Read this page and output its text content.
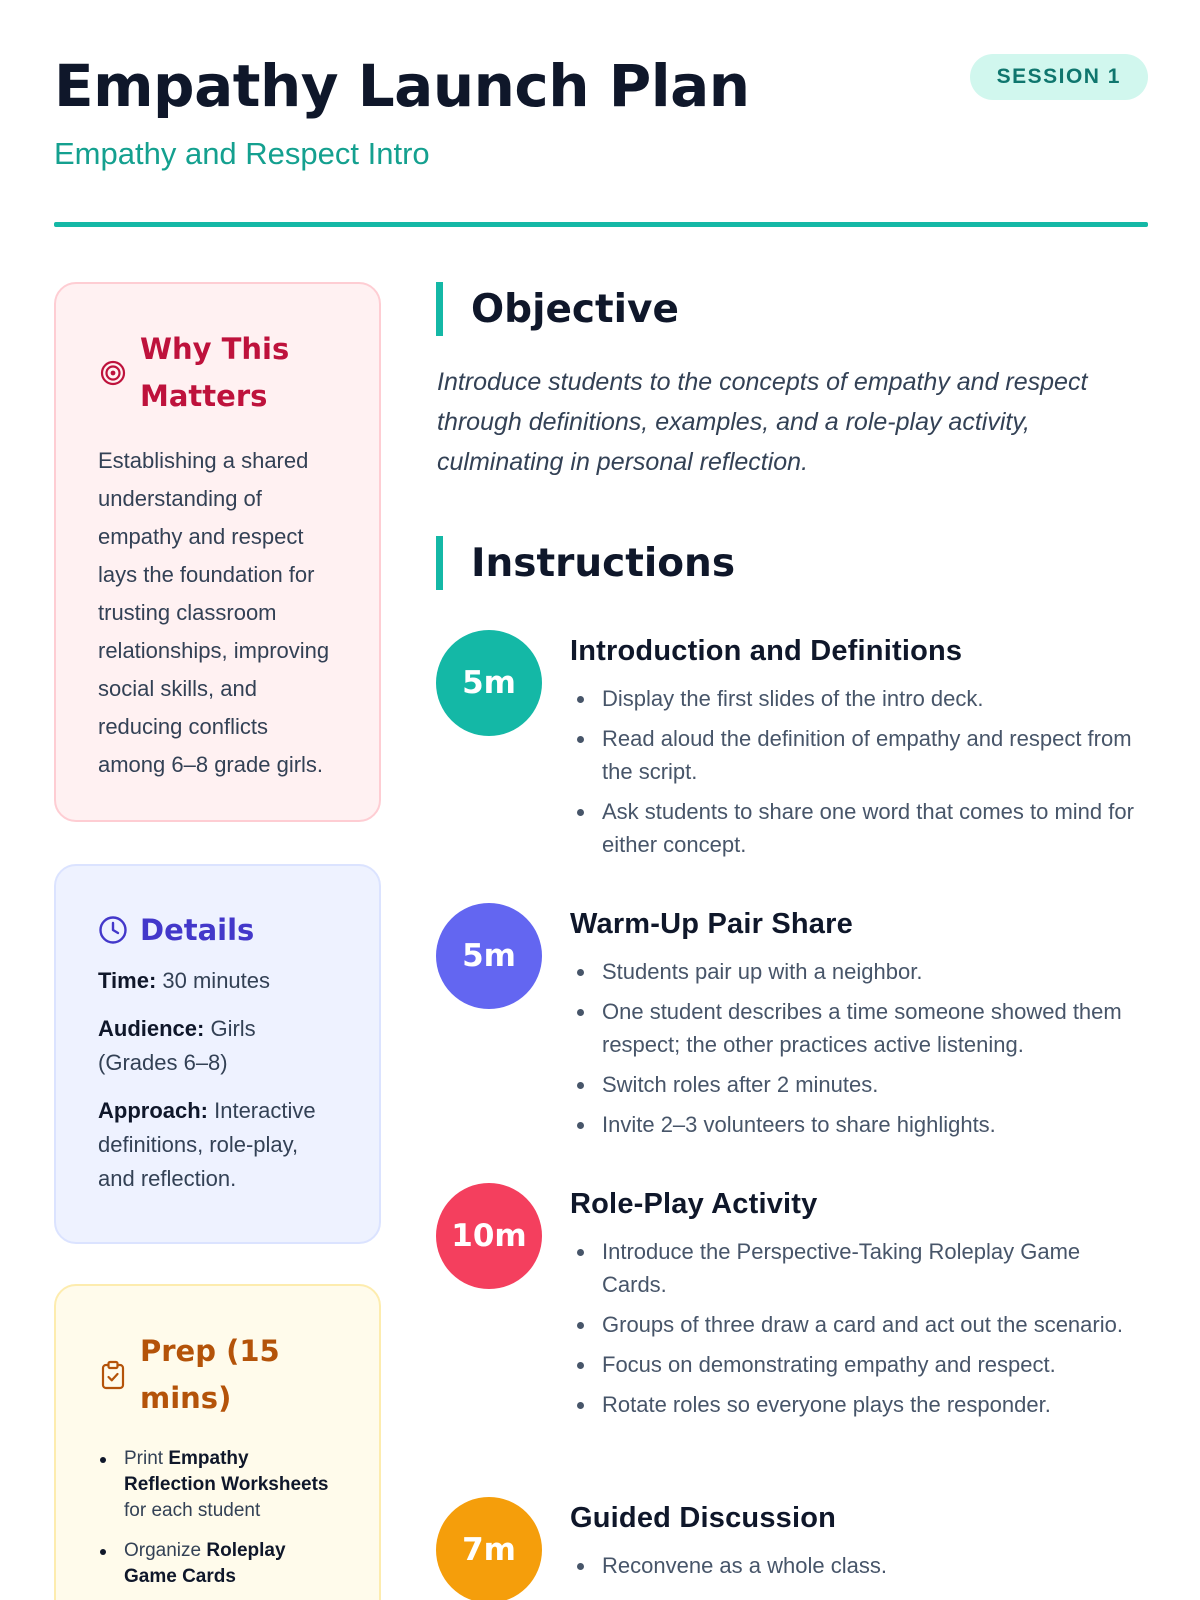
Empathy Launch Plan
Empathy and Respect Intro
SESSION 1
Why This Matters

Establishing a shared understanding of empathy and respect lays the foundation for trusting classroom relationships, improving social skills, and reducing conflicts among 6–8 grade girls.

Details
Time: 30 minutes
Audience: Girls (Grades 6–8)
Approach: Interactive definitions, role-play, and reflection.
Prep (15 mins)
Print Empathy Reflection Worksheets for each student
Organize Roleplay Game Cards
Objective

Introduce students to the concepts of empathy and respect through definitions, examples, and a role-play activity, culminating in personal reflection.

Instructions
5m
Introduction and Definitions
Display the first slides of the intro deck.
Read aloud the definition of empathy and respect from the script.
Ask students to share one word that comes to mind for either concept.
5m
Warm-Up Pair Share
Students pair up with a neighbor.
One student describes a time someone showed them respect; the other practices active listening.
Switch roles after 2 minutes.
Invite 2–3 volunteers to share highlights.
10m
Role-Play Activity
Introduce the Perspective-Taking Roleplay Game Cards.
Groups of three draw a card and act out the scenario.
Focus on demonstrating empathy and respect.
Rotate roles so everyone plays the responder.
7m
Guided Discussion
Reconvene as a whole class.
